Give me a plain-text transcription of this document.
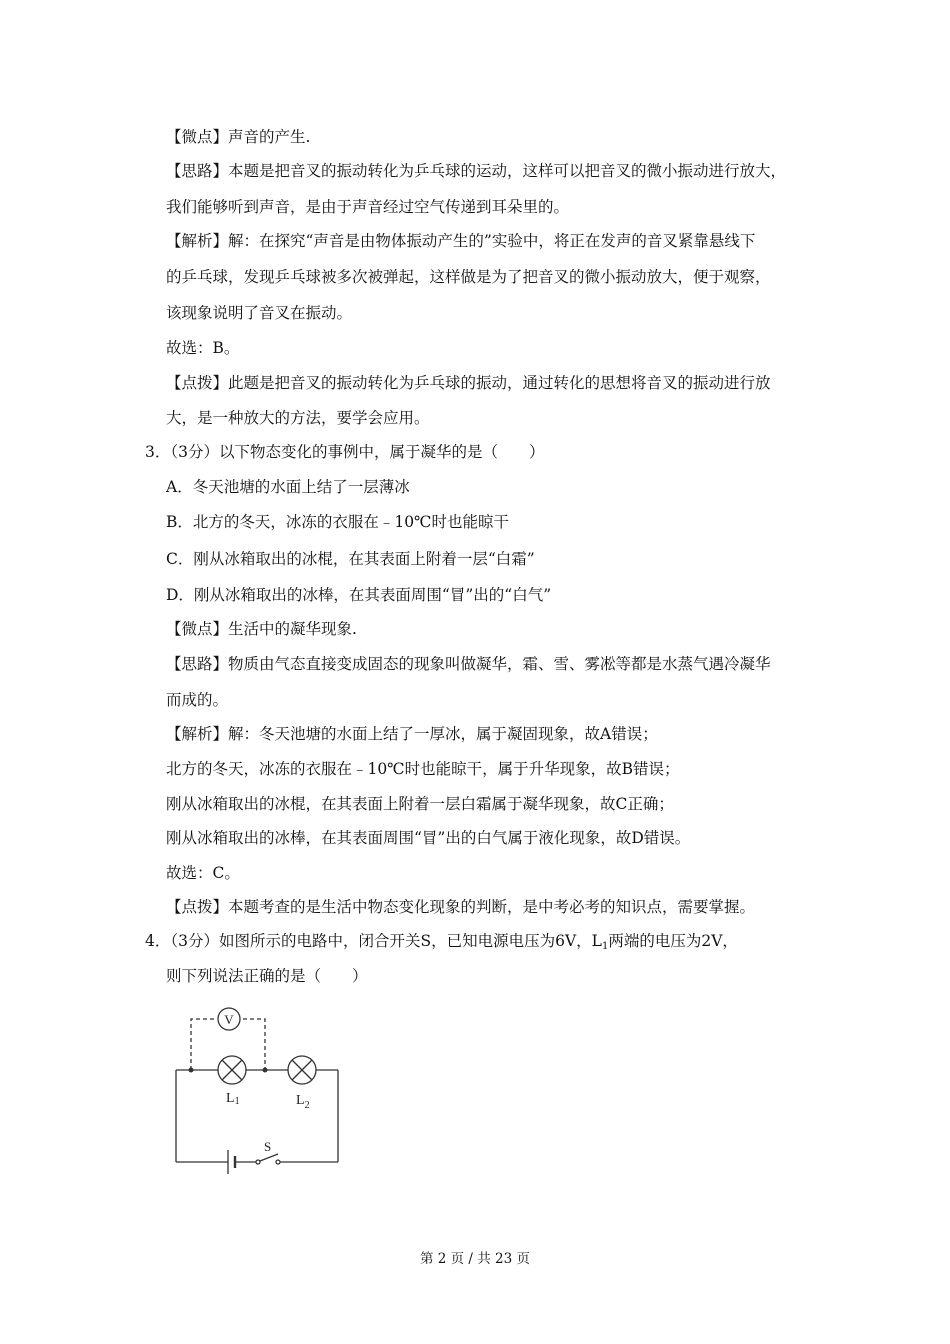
【微点】声音的产生.
【思路】本题是把音叉的振动转化为乒乓球的运动，这样可以把音叉的微小振动进行放大，
我们能够听到声音，是由于声音经过空气传递到耳朵里的。
【解析】解：在探究“声音是由物体振动产生的”实验中，将正在发声的音叉紧靠悬线下
的乒乓球，发现乒乓球被多次被弹起，这样做是为了把音叉的微小振动放大，便于观察，
该现象说明了音叉在振动。
故选：B。
【点拨】此题是把音叉的振动转化为乒乓球的振动，通过转化的思想将音叉的振动进行放
大，是一种放大的方法，要学会应用。
3．（3分）以下物态变化的事例中，属于凝华的是（　　）
A．冬天池塘的水面上结了一层薄冰
B．北方的冬天，冰冻的衣服在﹣10℃时也能晾干
C．刚从冰箱取出的冰棍，在其表面上附着一层“白霜”
D．刚从冰箱取出的冰棒，在其表面周围“冒”出的“白气”
【微点】生活中的凝华现象.
【思路】物质由气态直接变成固态的现象叫做凝华，霜、雪、雾凇等都是水蒸气遇冷凝华
而成的。
【解析】解：冬天池塘的水面上结了一厚冰，属于凝固现象，故A错误；
北方的冬天，冰冻的衣服在﹣10℃时也能晾干，属于升华现象，故B错误；
刚从冰箱取出的冰棍，在其表面上附着一层白霜属于凝华现象，故C正确；
刚从冰箱取出的冰棒，在其表面周围“冒”出的白气属于液化现象，故D错误。
故选：C。
【点拨】本题考查的是生活中物态变化现象的判断，是中考必考的知识点，需要掌握。
4．（3分）如图所示的电路中，闭合开关S，已知电源电压为6V，$L_1$两端的电压为2V，
则下列说法正确的是（　　）
V
L1	$L_2$
S
第 2 页 / 共 23 页
